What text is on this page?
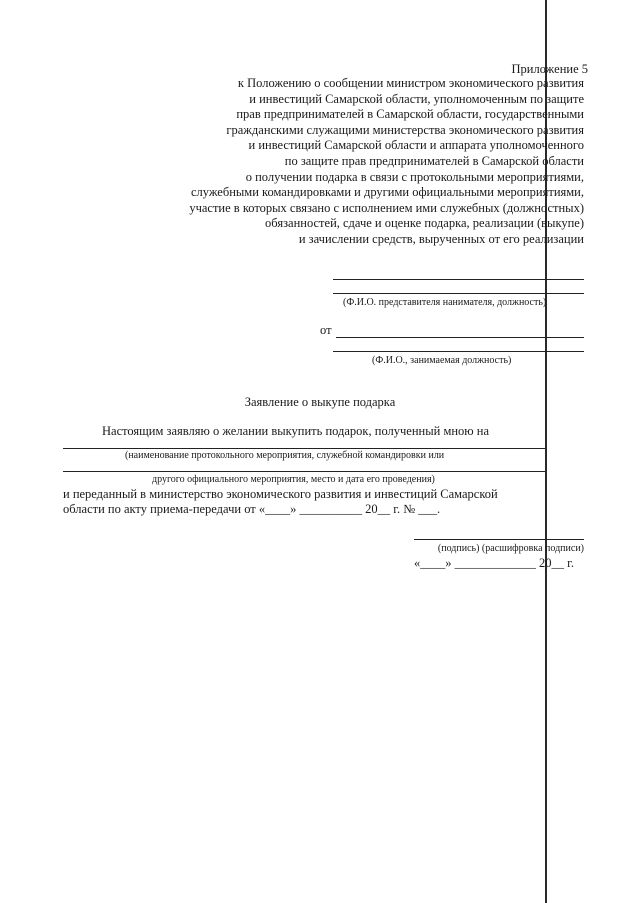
Приложение 5
к Положению о сообщении министром экономического развития
и инвестиций Самарской области, уполномоченным по защите
прав предпринимателей в Самарской области, государственными
гражданскими служащими министерства экономического развития
и инвестиций Самарской области и аппарата уполномоченного
по защите прав предпринимателей в Самарской области
о получении подарка в связи с протокольными мероприятиями,
служебными командировками и другими официальными мероприятиями,
участие в которых связано с исполнением ими служебных (должностных)
обязанностей, сдаче и оценке подарка, реализации (выкупе)
и зачислении средств, вырученных от его реализации
(Ф.И.О. представителя нанимателя, должность)
от
(Ф.И.О., занимаемая должность)
Заявление о выкупе подарка
Настоящим заявляю о желании выкупить подарок, полученный мною на
(наименование протокольного мероприятия, служебной командировки или
другого официального мероприятия, место и дата его проведения)
и переданный в министерство экономического развития и инвестиций Самарской
области по акту приема-передачи от «____» __________ 20__ г. № ___.
(подпись) (расшифровка подписи)
«____» _____________ 20__ г.
